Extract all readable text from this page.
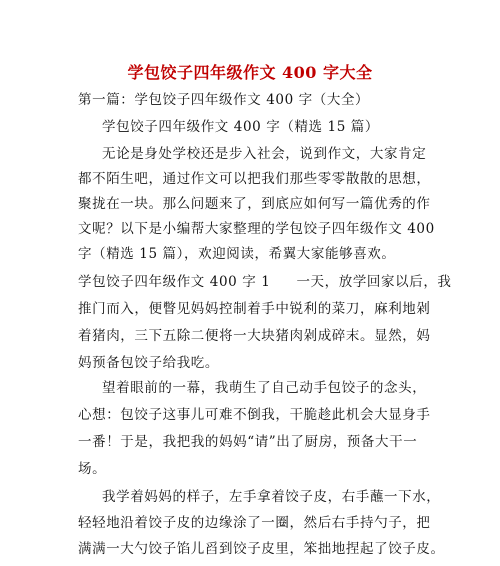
学包饺子四年级作文 400 字大全
第一篇：学包饺子四年级作文 400 字（大全）
学包饺子四年级作文 400 字（精选 15 篇）
无论是身处学校还是步入社会，说到作文，大家肯定
都不陌生吧，通过作文可以把我们那些零零散散的思想，
聚拢在一块。那么问题来了，到底应如何写一篇优秀的作
文呢？以下是小编帮大家整理的学包饺子四年级作文 400
字（精选 15 篇），欢迎阅读，希翼大家能够喜欢。
学包饺子四年级作文 400 字 1 一天，放学回家以后，我
推门而入，便瞥见妈妈控制着手中锐利的菜刀，麻利地剁
着猪肉，三下五除二便将一大块猪肉剁成碎末。显然，妈
妈预备包饺子给我吃。
望着眼前的一幕，我萌生了自己动手包饺子的念头，
心想：包饺子这事儿可难不倒我，干脆趁此机会大显身手
一番！于是，我把我的妈妈“请”出了厨房，预备大干一
场。
我学着妈妈的样子，左手拿着饺子皮，右手蘸一下水，
轻轻地沿着饺子皮的边缘涂了一圈，然后右手持勺子，把
满满一大勺饺子馅儿舀到饺子皮里，笨拙地捏起了饺子皮。
